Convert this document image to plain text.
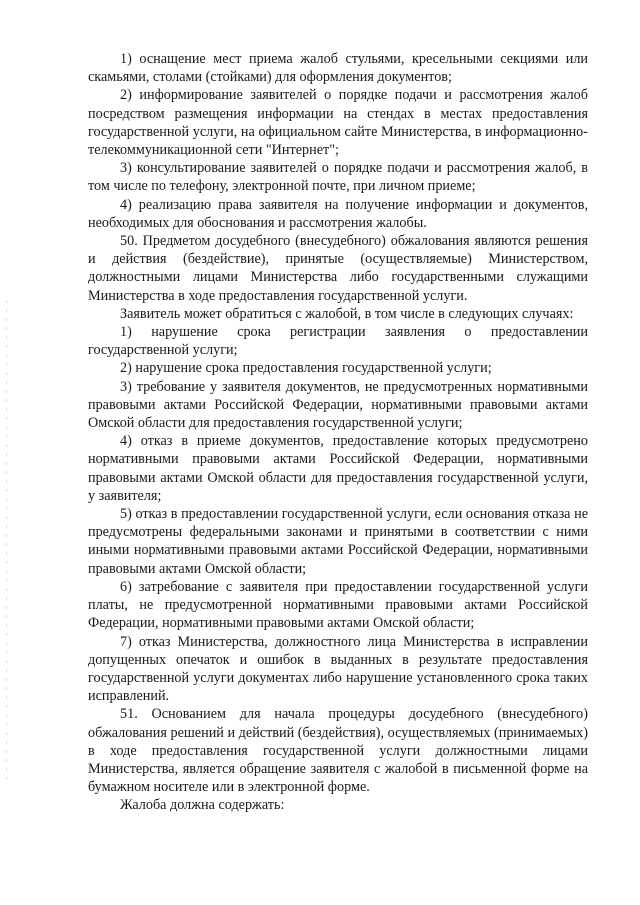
1) оснащение мест приема жалоб стульями, кресельными секциями или скамьями, столами (стойками) для оформления документов;

2) информирование заявителей о порядке подачи и рассмотрения жалоб посредством размещения информации на стендах в местах предоставления государственной услуги, на официальном сайте Министерства, в информационно-телекоммуникационной сети "Интернет";

3) консультирование заявителей о порядке подачи и рассмотрения жалоб, в том числе по телефону, электронной почте, при личном приеме;

4) реализацию права заявителя на получение информации и документов, необходимых для обоснования и рассмотрения жалобы.

50. Предметом досудебного (внесудебного) обжалования являются решения и действия (бездействие), принятые (осуществляемые) Министерством, должностными лицами Министерства либо государственными служащими Министерства в ходе предоставления государственной услуги.

Заявитель может обратиться с жалобой, в том числе в следующих случаях:

1) нарушение срока регистрации заявления о предоставлении государственной услуги;

2) нарушение срока предоставления государственной услуги;

3) требование у заявителя документов, не предусмотренных нормативными правовыми актами Российской Федерации, нормативными правовыми актами Омской области для предоставления государственной услуги;

4) отказ в приеме документов, предоставление которых предусмотрено нормативными правовыми актами Российской Федерации, нормативными правовыми актами Омской области для предоставления государственной услуги, у заявителя;

5) отказ в предоставлении государственной услуги, если основания отказа не предусмотрены федеральными законами и принятыми в соответствии с ними иными нормативными правовыми актами Российской Федерации, нормативными правовыми актами Омской области;

6) затребование с заявителя при предоставлении государственной услуги платы, не предусмотренной нормативными правовыми актами Российской Федерации, нормативными правовыми актами Омской области;

7) отказ Министерства, должностного лица Министерства в исправлении допущенных опечаток и ошибок в выданных в результате предоставления государственной услуги документах либо нарушение установленного срока таких исправлений.

51. Основанием для начала процедуры досудебного (внесудебного) обжалования решений и действий (бездействия), осуществляемых (принимаемых) в ходе предоставления государственной услуги должностными лицами Министерства, является обращение заявителя с жалобой в письменной форме на бумажном носителе или в электронной форме.

Жалоба должна содержать:
